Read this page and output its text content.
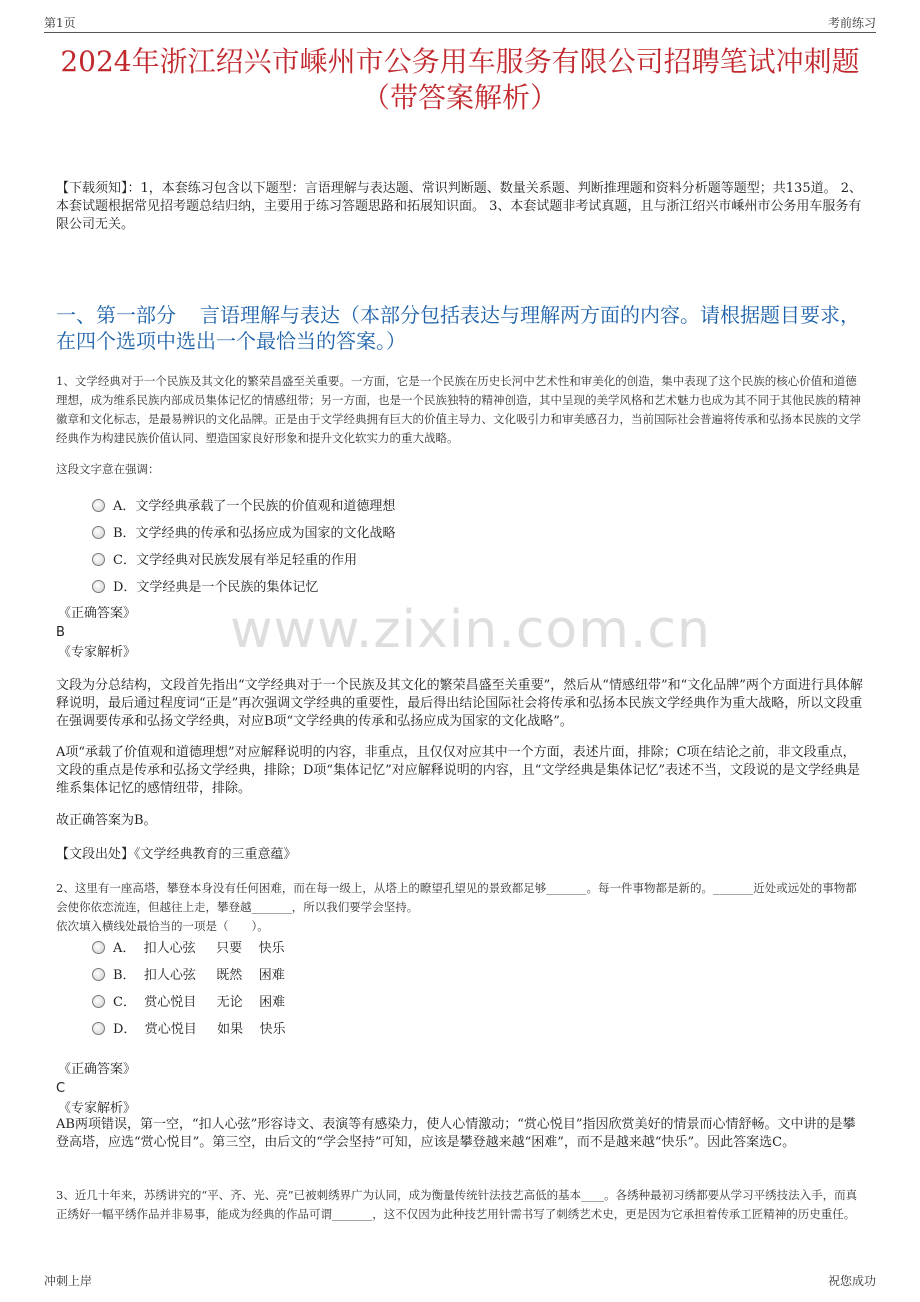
第1页	考前练习
2024年浙江绍兴市嵊州市公务用车服务有限公司招聘笔试冲刺题（带答案解析）
【下载须知】：1，本套练习包含以下题型：言语理解与表达题、常识判断题、数量关系题、判断推理题和资料分析题等题型；共135道。 2、本套试题根据常见招考题总结归纳，主要用于练习答题思路和拓展知识面。 3、本套试题非考试真题，且与浙江绍兴市嵊州市公务用车服务有限公司无关。
一、第一部分 言语理解与表达（本部分包括表达与理解两方面的内容。请根据题目要求，在四个选项中选出一个最恰当的答案。）
www.zixin.com.cn
1、文学经典对于一个民族及其文化的繁荣昌盛至关重要。一方面，它是一个民族在历史长河中艺术性和审美化的创造，集中表现了这个民族的核心价值和道德理想，成为维系民族内部成员集体记忆的情感纽带；另一方面，也是一个民族独特的精神创造，其中呈现的美学风格和艺术魅力也成为其不同于其他民族的精神徽章和文化标志，是最易辨识的文化品牌。正是由于文学经典拥有巨大的价值主导力、文化吸引力和审美感召力，当前国际社会普遍将传承和弘扬本民族的文学经典作为构建民族价值认同、塑造国家良好形象和提升文化软实力的重大战略。
这段文字意在强调：
A．文学经典承载了一个民族的价值观和道德理想
B．文学经典的传承和弘扬应成为国家的文化战略
C．文学经典对民族发展有举足轻重的作用
D．文学经典是一个民族的集体记忆
《正确答案》
B
《专家解析》
文段为分总结构，文段首先指出“文学经典对于一个民族及其文化的繁荣昌盛至关重要”，然后从“情感纽带”和“文化品牌”两个方面进行具体解释说明，最后通过程度词“正是”再次强调文学经典的重要性，最后得出结论国际社会将传承和弘扬本民族文学经典作为重大战略，所以文段重在强调要传承和弘扬文学经典，对应B项“文学经典的传承和弘扬应成为国家的文化战略”。
A项“承载了价值观和道德理想”对应解释说明的内容，非重点，且仅仅对应其中一个方面，表述片面，排除；C项在结论之前，非文段重点，文段的重点是传承和弘扬文学经典，排除；D项“集体记忆”对应解释说明的内容，且“文学经典是集体记忆”表述不当，文段说的是文学经典是维系集体记忆的感情纽带，排除。
故正确答案为B。
【文段出处】《文学经典教育的三重意蕴》
2、这里有一座高塔，攀登本身没有任何困难，而在每一级上，从塔上的瞭望孔望见的景致都足够_______。每一件事物都是新的。_______近处或远处的事物都会使你依恋流连，但越往上走，攀登越_______，所以我们要学会坚持。
依次填入横线处最恰当的一项是（　　）。
A． 扣人心弦 只要 快乐
B． 扣人心弦 既然 困难
C． 赏心悦目 无论 困难
D． 赏心悦目 如果 快乐
《正确答案》
C
《专家解析》
AB两项错误，第一空，“扣人心弦”形容诗文、表演等有感染力，使人心情激动；“赏心悦目”指因欣赏美好的情景而心情舒畅。文中讲的是攀登高塔，应选“赏心悦目”。第三空，由后文的“学会坚持”可知，应该是攀登越来越“困难”，而不是越来越“快乐”。因此答案选C。
3、近几十年来，苏绣讲究的“平、齐、光、亮”已被刺绣界广为认同，成为衡量传统针法技艺高低的基本____。各绣种最初习绣都要从学习平绣技法入手，而真正绣好一幅平绣作品并非易事，能成为经典的作品可谓_______，这不仅因为此种技艺用针需书写了刺绣艺术史，更是因为它承担着传承工匠精神的历史重任。
冲刺上岸	祝您成功
